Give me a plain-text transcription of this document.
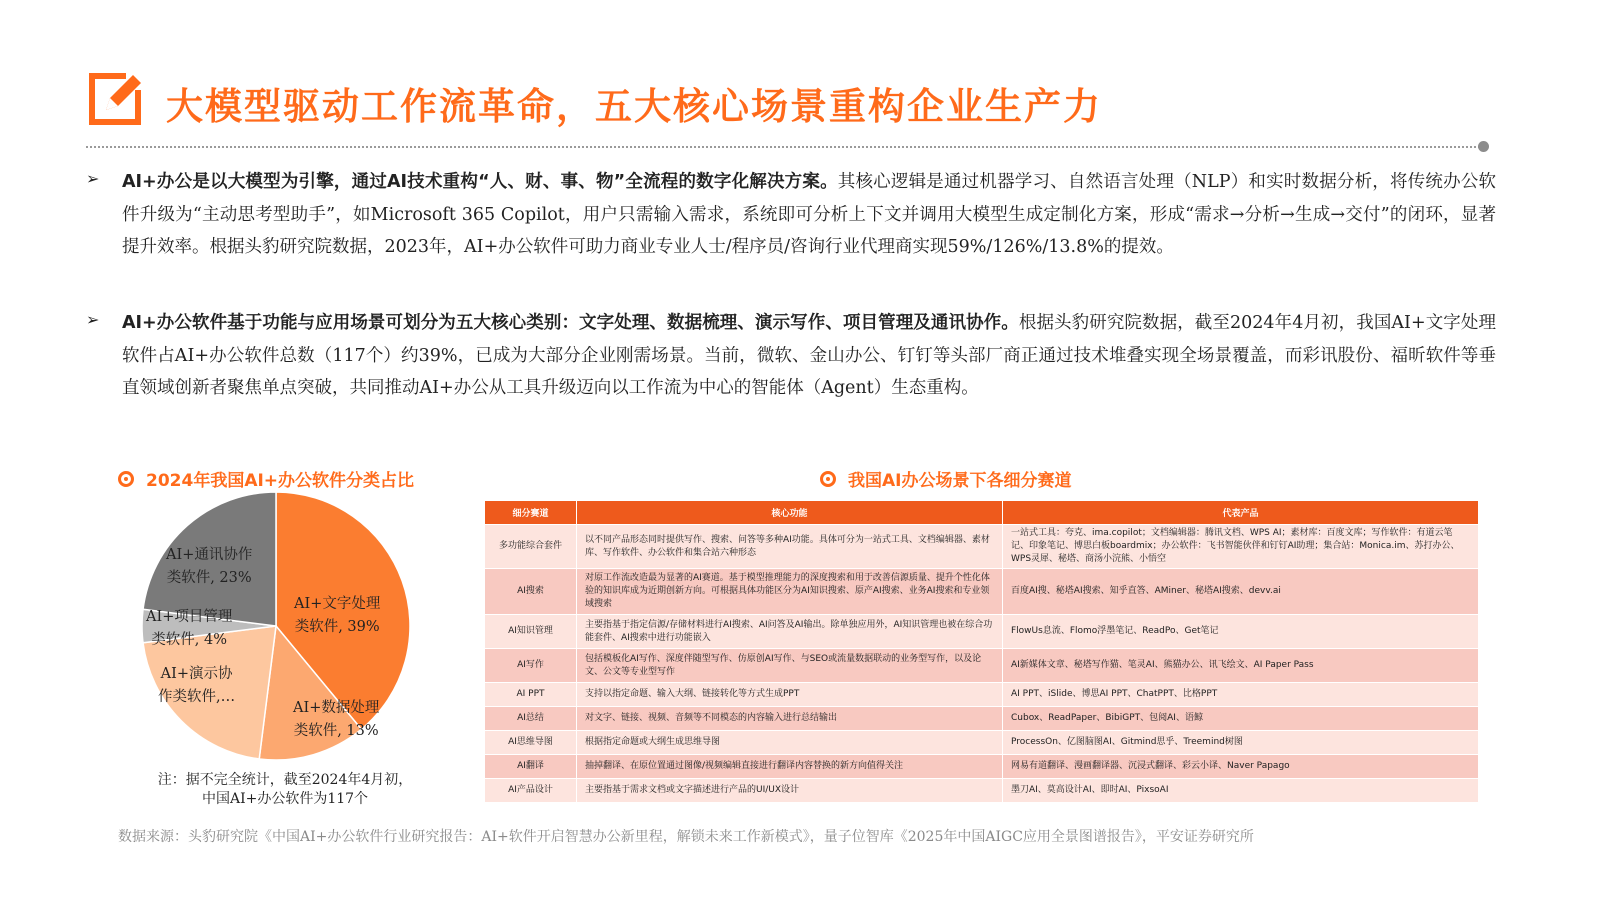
大模型驱动工作流革命，五大核心场景重构企业生产力
➢ AI+办公是以大模型为引擎，通过AI技术重构“人、财、事、物”全流程的数字化解决方案。其核心逻辑是通过机器学习、自然语言处理（NLP）和实时数据分析，将传统办公软件升级为“主动思考型助手”，如Microsoft 365 Copilot，用户只需输入需求，系统即可分析上下文并调用大模型生成定制化方案，形成“需求→分析→生成→交付”的闭环，显著提升效率。根据头豹研究院数据，2023年，AI+办公软件可助力商业专业人士/程序员/咨询行业代理商实现59%/126%/13.8%的提效。
➢ AI+办公软件基于功能与应用场景可划分为五大核心类别：文字处理、数据梳理、演示写作、项目管理及通讯协作。根据头豹研究院数据，截至2024年4月初，我国AI+文字处理软件占AI+办公软件总数（117个）约39%，已成为大部分企业刚需场景。当前，微软、金山办公、钉钉等头部厂商正通过技术堆叠实现全场景覆盖，而彩讯股份、福昕软件等垂直领域创新者聚焦单点突破，共同推动AI+办公从工具升级迈向以工作流为中心的智能体（Agent）生态重构。
2024年我国AI+办公软件分类占比
AI+文字处理
类软件, 39%
AI+数据处理
类软件, 13%
AI+演示协
作类软件,…
AI+项目管理
类软件, 4%
AI+通讯协作
类软件, 23%
注：据不完全统计，截至2024年4月初，
中国AI+办公软件为117个
我国AI办公场景下各细分赛道
细分赛道	核心功能	代表产品
多功能综合套件	以不同产品形态同时提供写作、搜索、问答等多种AI功能。具体可分为一站式工具、文档编辑器、素材库、写作软件、办公软件和集合站六种形态	一站式工具：夸克、ima.copilot；文档编辑器：腾讯文档、WPS AI；素材库：百度文库；写作软件：有道云笔记、印象笔记、博思白板boardmix；办公软件：飞书智能伙伴和钉钉AI助理；集合站：Monica.im、苏打办公、WPS灵犀、秘塔、商汤小浣熊、小悟空
AI搜索	对原工作流改造最为显著的AI赛道。基于模型推理能力的深度搜索和用于改善信源质量、提升个性化体验的知识库成为近期创新方向。可根据具体功能区分为AI知识搜索、原产AI搜索、业务AI搜索和专业领域搜索	百度AI搜、秘塔AI搜索、知乎直答、AMiner、秘塔AI搜索、devv.ai
AI知识管理	主要指基于指定信源/存储材料进行AI搜索、AI问答及AI输出。除单独应用外，AI知识管理也被在综合功能套件、AI搜索中进行功能嵌入	FlowUs息流、Flomo浮墨笔记、ReadPo、Get笔记
AI写作	包括模板化AI写作、深度伴随型写作、仿原创AI写作、与SEO或流量数据联动的业务型写作，以及论文、公文等专业型写作	AI新媒体文章、秘塔写作猫、笔灵AI、熊猫办公、讯飞绘文、AI Paper Pass
AI PPT	支持以指定命题、输入大纲、链接转化等方式生成PPT	AI PPT、iSlide、博思AI PPT、ChatPPT、比格PPT
AI总结	对文字、链接、视频、音频等不同模态的内容输入进行总结输出	Cubox、ReadPaper、BibiGPT、包阅AI、语鲸
AI思维导图	根据指定命题或大纲生成思维导图	ProcessOn、亿图脑图AI、Gitmind思乎、Treemind树图
AI翻译	抽掉翻译、在原位置通过图像/视频编辑直接进行翻译内容替换的新方向值得关注	网易有道翻译、漫画翻译器、沉浸式翻译、彩云小译、Naver Papago
AI产品设计	主要指基于需求文档或文字描述进行产品的UI/UX设计	墨刀AI、莫高设计AI、即时AI、PixsoAI
数据来源：头豹研究院《中国AI+办公软件行业研究报告：AI+软件开启智慧办公新里程，解锁未来工作新模式》，量子位智库《2025年中国AIGC应用全景图谱报告》，平安证券研究所
